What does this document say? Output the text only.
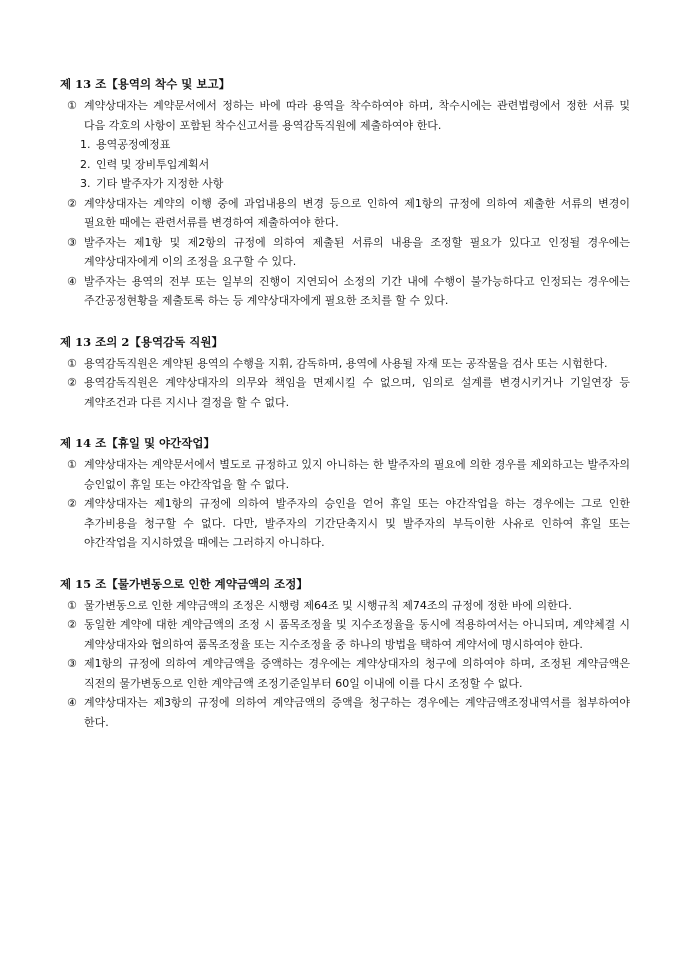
제 13 조【용역의 착수 및 보고】
① 계약상대자는 계약문서에서 정하는 바에 따라 용역을 착수하여야 하며, 착수시에는 관련법령에서 정한 서류 및 다음 각호의 사항이 포함된 착수신고서를 용역감독직원에 제출하여야 한다.
1. 용역공정예정표
2. 인력 및 장비투입계획서
3. 기타 발주자가 지정한 사항
② 계약상대자는 계약의 이행 중에 과업내용의 변경 등으로 인하여 제1항의 규정에 의하여 제출한 서류의 변경이 필요한 때에는 관련서류를 변경하여 제출하여야 한다.
③ 발주자는 제1항 및 제2항의 규정에 의하여 제출된 서류의 내용을 조정할 필요가 있다고 인정될 경우에는 계약상대자에게 이의 조정을 요구할 수 있다.
④ 발주자는 용역의 전부 또는 일부의 진행이 지연되어 소정의 기간 내에 수행이 불가능하다고 인정되는 경우에는 주간공정현황을 제출토록 하는 등 계약상대자에게 필요한 조치를 할 수 있다.
제 13 조의 2【용역감독 직원】
① 용역감독직원은 계약된 용역의 수행을 지휘, 감독하며, 용역에 사용될 자재 또는 공작물을 검사 또는 시험한다.
② 용역감독직원은 계약상대자의 의무와 책임을 면제시킬 수 없으며, 임의로 설계를 변경시키거나 기일연장 등 계약조건과 다른 지시나 결정을 할 수 없다.
제 14 조【휴일 및 야간작업】
① 계약상대자는 계약문서에서 별도로 규정하고 있지 아니하는 한 발주자의 필요에 의한 경우를 제외하고는 발주자의 승인없이 휴일 또는 야간작업을 할 수 없다.
② 계약상대자는 제1항의 규정에 의하여 발주자의 승인을 얻어 휴일 또는 야간작업을 하는 경우에는 그로 인한 추가비용을 청구할 수 없다. 다만, 발주자의 기간단축지시 및 발주자의 부득이한 사유로 인하여 휴일 또는 야간작업을 지시하였을 때에는 그러하지 아니하다.
제 15 조【물가변동으로 인한 계약금액의 조정】
① 물가변동으로 인한 계약금액의 조정은 시행령 제64조 및 시행규칙 제74조의 규정에 정한 바에 의한다.
② 동일한 계약에 대한 계약금액의 조정 시 품목조정율 및 지수조정율을 동시에 적용하여서는 아니되며, 계약체결 시 계약상대자와 협의하여 품목조정율 또는 지수조정율 중 하나의 방법을 택하여 계약서에 명시하여야 한다.
③ 제1항의 규정에 의하여 계약금액을 증액하는 경우에는 계약상대자의 청구에 의하여야 하며, 조정된 계약금액은 직전의 물가변동으로 인한 계약금액 조정기준일부터 60일 이내에 이를 다시 조정할 수 없다.
④ 계약상대자는 제3항의 규정에 의하여 계약금액의 증액을 청구하는 경우에는 계약금액조정내역서를 첨부하여야 한다.
